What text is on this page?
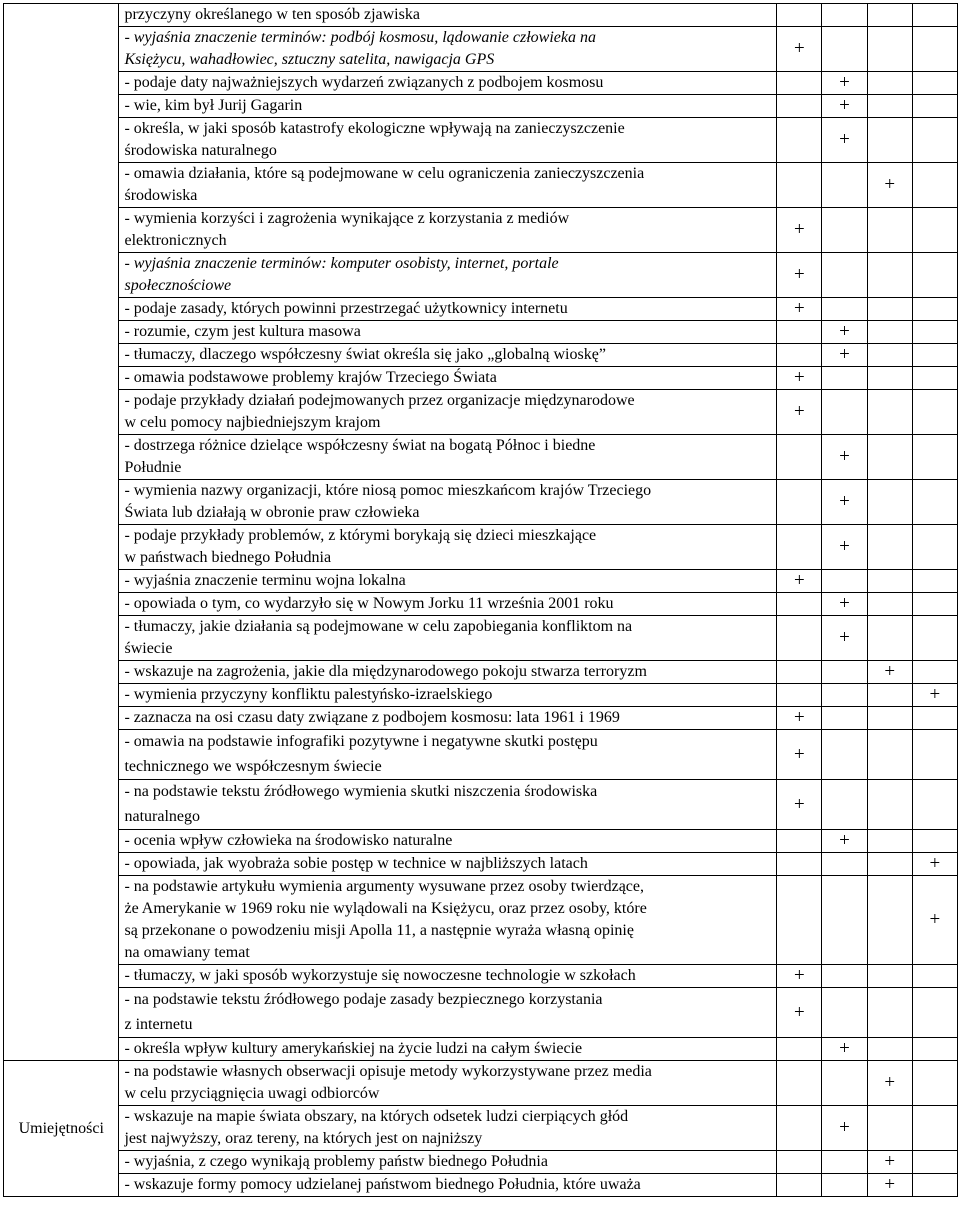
	przyczyny określanego w ten sposób zjawiska				

	- wyjaśnia znaczenie terminów: podbój kosmosu, lądowanie człowieka na
Księżycu, wahadłowiec, sztuczny satelita, nawigacja GPS	+			

	- podaje daty najważniejszych wydarzeń związanych z podbojem kosmosu		+		

	- wie, kim był Jurij Gagarin		+		

	- określa, w jaki sposób katastrofy ekologiczne wpływają na zanieczyszczenie
środowiska naturalnego		+		

	- omawia działania, które są podejmowane w celu ograniczenia zanieczyszczenia
środowiska			+	

	- wymienia korzyści i zagrożenia wynikające z korzystania z mediów
elektronicznych	+			

	- wyjaśnia znaczenie terminów: komputer osobisty, internet, portale
społecznościowe	+			

	- podaje zasady, których powinni przestrzegać użytkownicy internetu	+			

	- rozumie, czym jest kultura masowa		+		

	- tłumaczy, dlaczego współczesny świat określa się jako „globalną wioskę”		+		

	- omawia podstawowe problemy krajów Trzeciego Świata	+			

	- podaje przykłady działań podejmowanych przez organizacje międzynarodowe
w celu pomocy najbiedniejszym krajom	+			

	- dostrzega różnice dzielące współczesny świat na bogatą Północ i biedne
Południe		+		

	- wymienia nazwy organizacji, które niosą pomoc mieszkańcom krajów Trzeciego
Świata lub działają w obronie praw człowieka		+		

	- podaje przykłady problemów, z którymi borykają się dzieci mieszkające
w państwach biednego Południa		+		

	- wyjaśnia znaczenie terminu wojna lokalna	+			

	- opowiada o tym, co wydarzyło się w Nowym Jorku 11 września 2001 roku		+		

	- tłumaczy, jakie działania są podejmowane w celu zapobiegania konfliktom na
świecie		+		

	- wskazuje na zagrożenia, jakie dla międzynarodowego pokoju stwarza terroryzm			+	

	- wymienia przyczyny konfliktu palestyńsko-izraelskiego				+

	- zaznacza na osi czasu daty związane z podbojem kosmosu: lata 1961 i 1969	+			

	- omawia na podstawie infografiki pozytywne i negatywne skutki postępu
technicznego we współczesnym świecie	+			

	- na podstawie tekstu źródłowego wymienia skutki niszczenia środowiska
naturalnego	+			

	- ocenia wpływ człowieka na środowisko naturalne		+		

	- opowiada, jak wyobraża sobie postęp w technice w najbliższych latach				+

	- na podstawie artykułu wymienia argumenty wysuwane przez osoby twierdzące,
że Amerykanie w 1969 roku nie wylądowali na Księżycu, oraz przez osoby, które
są przekonane o powodzeniu misji Apolla 11, a następnie wyraża własną opinię
na omawiany temat				+

	- tłumaczy, w jaki sposób wykorzystuje się nowoczesne technologie w szkołach	+			

	- na podstawie tekstu źródłowego podaje zasady bezpiecznego korzystania
z internetu	+			

	- określa wpływ kultury amerykańskiej na życie ludzi na całym świecie		+		

Umiejętności	- na podstawie własnych obserwacji opisuje metody wykorzystywane przez media
w celu przyciągnięcia uwagi odbiorców			+	

	- wskazuje na mapie świata obszary, na których odsetek ludzi cierpiących głód
jest najwyższy, oraz tereny, na których jest on najniższy		+		

	- wyjaśnia, z czego wynikają problemy państw biednego Południa			+	

	- wskazuje formy pomocy udzielanej państwom biednego Południa, które uważa			+	
